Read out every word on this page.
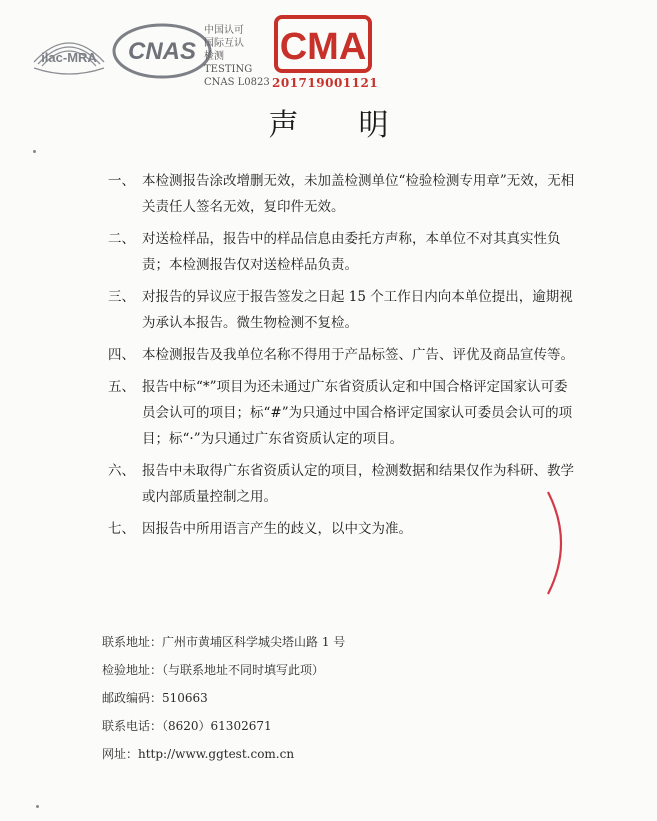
ilac-MRA CNAS
中国认可
国际互认
检测
TESTING
CNAS L0823
CMA
201719001121
声明
一、 本检测报告涂改增删无效，未加盖检测单位“检验检测专用章”无效，无相关责任人签名无效，复印件无效。
二、 对送检样品，报告中的样品信息由委托方声称，本单位不对其真实性负责；本检测报告仅对送检样品负责。
三、 对报告的异议应于报告签发之日起 15 个工作日内向本单位提出，逾期视为承认本报告。微生物检测不复检。
四、 本检测报告及我单位名称不得用于产品标签、广告、评优及商品宣传等。
五、 报告中标“*”项目为还未通过广东省资质认定和中国合格评定国家认可委员会认可的项目；标“#”为只通过中国合格评定国家认可委员会认可的项目；标“·”为只通过广东省资质认定的项目。
六、 报告中未取得广东省资质认定的项目，检测数据和结果仅作为科研、教学或内部质量控制之用。
七、 因报告中所用语言产生的歧义，以中文为准。
联系地址：广州市黄埔区科学城尖塔山路 1 号
检验地址：（与联系地址不同时填写此项）
邮政编码：510663
联系电话：（8620）61302671
网址：http://www.ggtest.com.cn
